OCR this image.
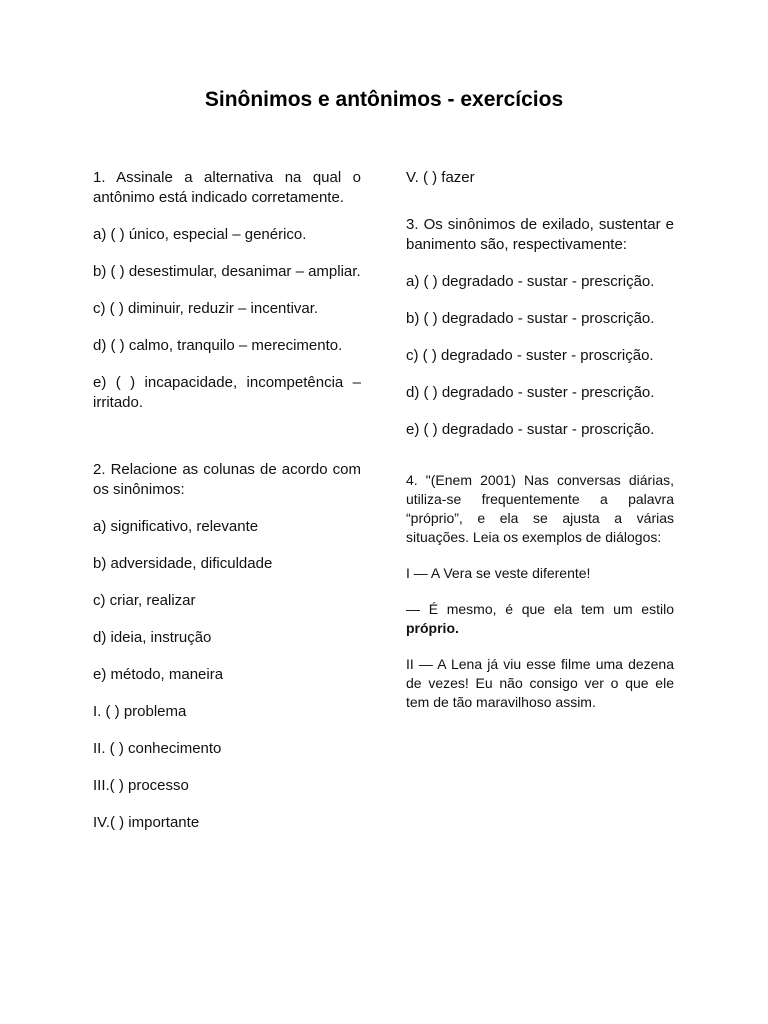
Sinônimos e antônimos - exercícios

1. Assinale a alternativa na qual o antônimo está indicado corretamente.

a) ( ) único, especial – genérico.

b) ( ) desestimular, desanimar – ampliar.

c) ( ) diminuir, reduzir – incentivar.

d) ( ) calmo, tranquilo – merecimento.

e) ( ) incapacidade, incompetência – irritado.

2. Relacione as colunas de acordo com os sinônimos:

a) significativo, relevante

b) adversidade, dificuldade

c) criar, realizar

d) ideia, instrução

e) método, maneira

I. ( ) problema

II. ( ) conhecimento

III.( ) processo

IV.( ) importante

V. ( ) fazer

3. Os sinônimos de exilado, sustentar e banimento são, respectivamente:

a) ( ) degradado - sustar - prescrição.

b) ( ) degradado - sustar - proscrição.

c) ( ) degradado - suster - proscrição.

d) ( ) degradado - suster - prescrição.

e) ( ) degradado - sustar - proscrição.

4. "(Enem 2001) Nas conversas diárias, utiliza-se frequentemente a palavra “próprio”, e ela se ajusta a várias situações. Leia os exemplos de diálogos:

I — A Vera se veste diferente!

— É mesmo, é que ela tem um estilo próprio.

II — A Lena já viu esse filme uma dezena de vezes! Eu não consigo ver o que ele tem de tão maravilhoso assim.
